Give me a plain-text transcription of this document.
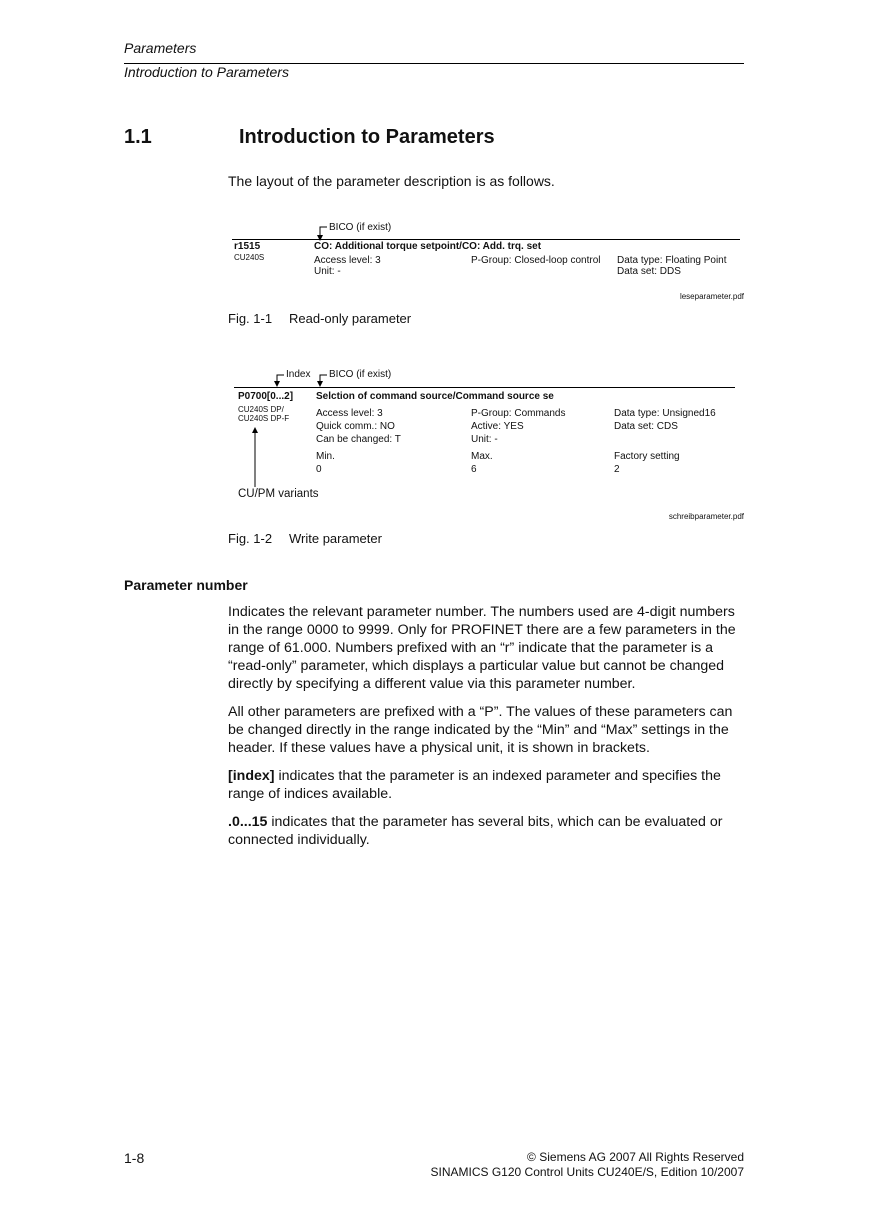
Parameters
Introduction to Parameters
1.1	Introduction to Parameters
The layout of the parameter description is as follows.
BICO (if exist)
r1515
CU240S
CO: Additional torque setpoint/CO: Add. trq. set
Access level: 3
Unit: -
P-Group: Closed-loop control Data type: Floating Point
Data set: DDS
leseparameter.pdf
Fig. 1-1 Read-only parameter
Index BICO (if exist)
P0700[0...2]
CU240S DP/
CU240S DP-F
Selction of command source/Command source se
Access level: 3
Quick comm.: NO
Can be changed: T
P-Group: Commands
Active: YES
Unit: -
Data type: Unsigned16
Data set: CDS
Min.
0
Max.
6
Factory setting
2
CU/PM variants
schreibparameter.pdf
Fig. 1-2 Write parameter
Parameter number

Indicates the relevant parameter number. The numbers used are 4-digit numbers in the range 0000 to 9999. Only for PROFINET there are a few parameters in the range of 61.000. Numbers prefixed with an “r” indicate that the parameter is a “read-only” parameter, which displays a particular value but cannot be changed directly by specifying a different value via this parameter number.

All other parameters are prefixed with a “P”. The values of these parameters can be changed directly in the range indicated by the “Min” and “Max” settings in the header. If these values have a physical unit, it is shown in brackets.

[index] indicates that the parameter is an indexed parameter and specifies the range of indices available.

.0...15 indicates that the parameter has several bits, which can be evaluated or connected individually.

1-8	© Siemens AG 2007 All Rights Reserved
SINAMICS G120 Control Units CU240E/S, Edition 10/2007
